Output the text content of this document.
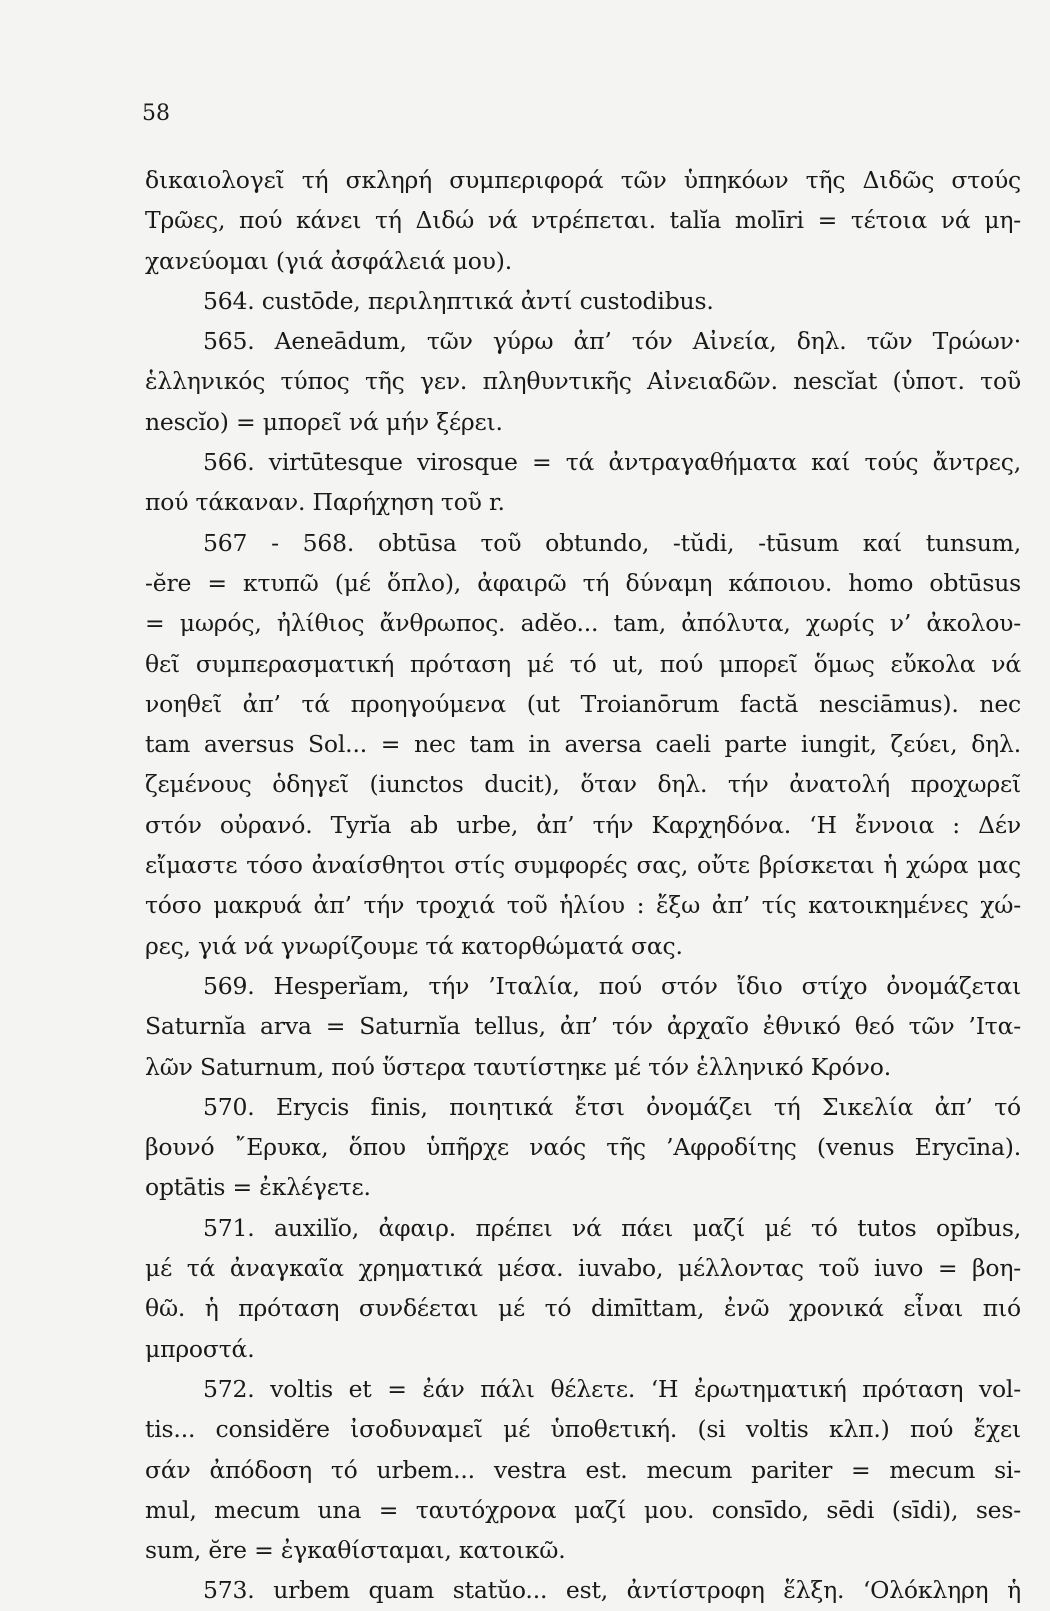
58
δικαιολογεῖ τή σκληρή συμπεριφορά τῶν ὑπηκόων τῆς Διδῶς στούς
Τρῶες, πού κάνει τή Διδώ νά ντρέπεται. talĭa molīri = τέτοια νά μη-
χανεύομαι (γιά ἀσφάλειά μου).
564. custōde, περιληπτικά ἀντί custodibus.
565. Aeneādum, τῶν γύρω ἀπ’ τόν Αἰνεία, δηλ. τῶν Τρώων·
ἑλληνικός τύπος τῆς γεν. πληθυντικῆς Αἰνειαδῶν. nescĭat (ὑποτ. τοῦ
nescĭo) = μπορεῖ νά μήν ξέρει.
566. virtūtesque virosque = τά ἀντραγαθήματα καί τούς ἄντρες,
πού τάκαναν. Παρήχηση τοῦ r.
567 - 568. obtūsa τοῦ obtundo, -tŭdi, -tūsum καί tunsum,
-ĕre = κτυπῶ (μέ ὅπλο), ἀφαιρῶ τή δύναμη κάποιου. homo obtūsus
= μωρός, ἠλίθιος ἄνθρωπος. adĕo... tam, ἀπόλυτα, χωρίς ν’ ἀκολου-
θεῖ συμπερασματική πρόταση μέ τό ut, πού μπορεῖ ὅμως εὔκολα νά
νοηθεῖ ἀπ’ τά προηγούμενα (ut Troianōrum factă nesciāmus). nec
tam aversus Sol... = nec tam in aversa caeli parte iungit, ζεύει, δηλ.
ζεμένους ὁδηγεῖ (iunctos ducit), ὅταν δηλ. τήν ἀνατολή προχωρεῖ
στόν οὐρανό. Tyrĭa ab urbe, ἀπ’ τήν Καρχηδόνα. ‘Η ἔννοια : Δέν
εἴμαστε τόσο ἀναίσθητοι στίς συμφορές σας, οὔτε βρίσκεται ἡ χώρα μας
τόσο μακρυά ἀπ’ τήν τροχιά τοῦ ἡλίου : ἔξω ἀπ’ τίς κατοικημένες χώ-
ρες, γιά νά γνωρίζουμε τά κατορθώματά σας.
569. Hesperĭam, τήν ’Ιταλία, πού στόν ἴδιο στίχο ὀνομάζεται
Saturnĭa arva = Saturnĭa tellus, ἀπ’ τόν ἀρχαῖο ἐθνικό θεό τῶν ’Ιτα-
λῶν Saturnum, πού ὕστερα ταυτίστηκε μέ τόν ἑλληνικό Κρόνο.
570. Erycis finis, ποιητικά ἔτσι ὀνομάζει τή Σικελία ἀπ’ τό
βουνό ῎Ερυκα, ὅπου ὑπῆρχε ναός τῆς ’Αφροδίτης (venus Erycīna).
optātis = ἐκλέγετε.
571. auxilĭo, ἀφαιρ. πρέπει νά πάει μαζί μέ τό tutos opĭbus,
μέ τά ἀναγκαῖα χρηματικά μέσα. iuvabo, μέλλοντας τοῦ iuvo = βοη-
θῶ. ἡ πρόταση συνδέεται μέ τό dimīttam, ἐνῶ χρονικά εἶναι πιό
μπροστά.
572. voltis et = ἐάν πάλι θέλετε. ‘Η ἐρωτηματική πρόταση vol-
tis... considĕre ἰσοδυναμεῖ μέ ὑποθετική. (si voltis κλπ.) πού ἔχει
σάν ἀπόδοση τό urbem... vestra est. mecum pariter = mecum si-
mul, mecum una = ταυτόχρονα μαζί μου. consīdo, sēdi (sīdi), ses-
sum, ĕre = ἐγκαθίσταμαι, κατοικῶ.
573. urbem quam statŭo... est, ἀντίστροφη ἕλξη. ‘Ολόκληρη ἡ
